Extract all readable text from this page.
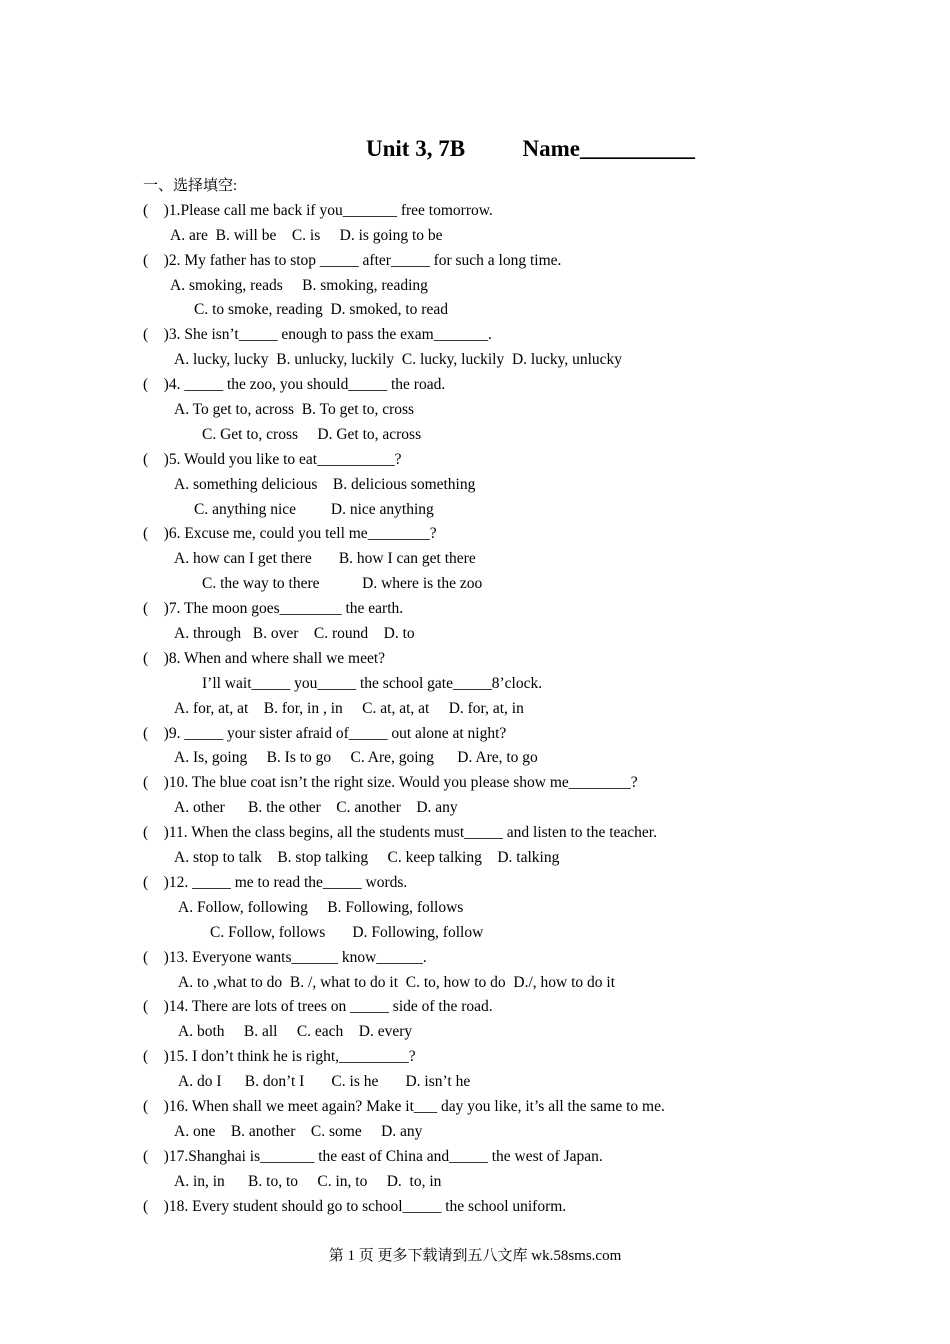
Unit 3, 7B          Name__________
一、选择填空:
(    )1.Please call me back if you_______ free tomorrow.
A. are  B. will be    C. is     D. is going to be
(    )2. My father has to stop _____ after_____ for such a long time.
A. smoking, reads     B. smoking, reading
C. to smoke, reading  D. smoked, to read
(    )3. She isn’t_____ enough to pass the exam_______.
A. lucky, lucky  B. unlucky, luckily  C. lucky, luckily  D. lucky, unlucky
(    )4. _____ the zoo, you should_____ the road.
A. To get to, across  B. To get to, cross
C. Get to, cross     D. Get to, across
(    )5. Would you like to eat__________?
A. something delicious    B. delicious something
C. anything nice         D. nice anything
(    )6. Excuse me, could you tell me________?
A. how can I get there       B. how I can get there
C. the way to there           D. where is the zoo
(    )7. The moon goes________ the earth.
A. through   B. over    C. round    D. to
(    )8. When and where shall we meet?
I’ll wait_____ you_____ the school gate_____8’clock.
A. for, at, at    B. for, in , in     C. at, at, at     D. for, at, in
(    )9. _____ your sister afraid of_____ out alone at night?
A. Is, going     B. Is to go     C. Are, going      D. Are, to go
(    )10. The blue coat isn’t the right size. Would you please show me________?
A. other      B. the other    C. another    D. any
(    )11. When the class begins, all the students must_____ and listen to the teacher.
A. stop to talk    B. stop talking     C. keep talking    D. talking
(    )12. _____ me to read the_____ words.
A. Follow, following     B. Following, follows
C. Follow, follows       D. Following, follow
(    )13. Everyone wants______ know______.
A. to ,what to do  B. /, what to do it  C. to, how to do  D./, how to do it
(    )14. There are lots of trees on _____ side of the road.
A. both     B. all     C. each    D. every
(    )15. I don’t think he is right,_________?
A. do I      B. don’t I       C. is he       D. isn’t he
(    )16. When shall we meet again? Make it___ day you like, it’s all the same to me.
A. one    B. another    C. some     D. any
(    )17.Shanghai is_______ the east of China and_____ the west of Japan.
A. in, in      B. to, to     C. in, to     D.  to, in
(    )18. Every student should go to school_____ the school uniform.
第 1 页 更多下载请到五八文库 wk.58sms.com
